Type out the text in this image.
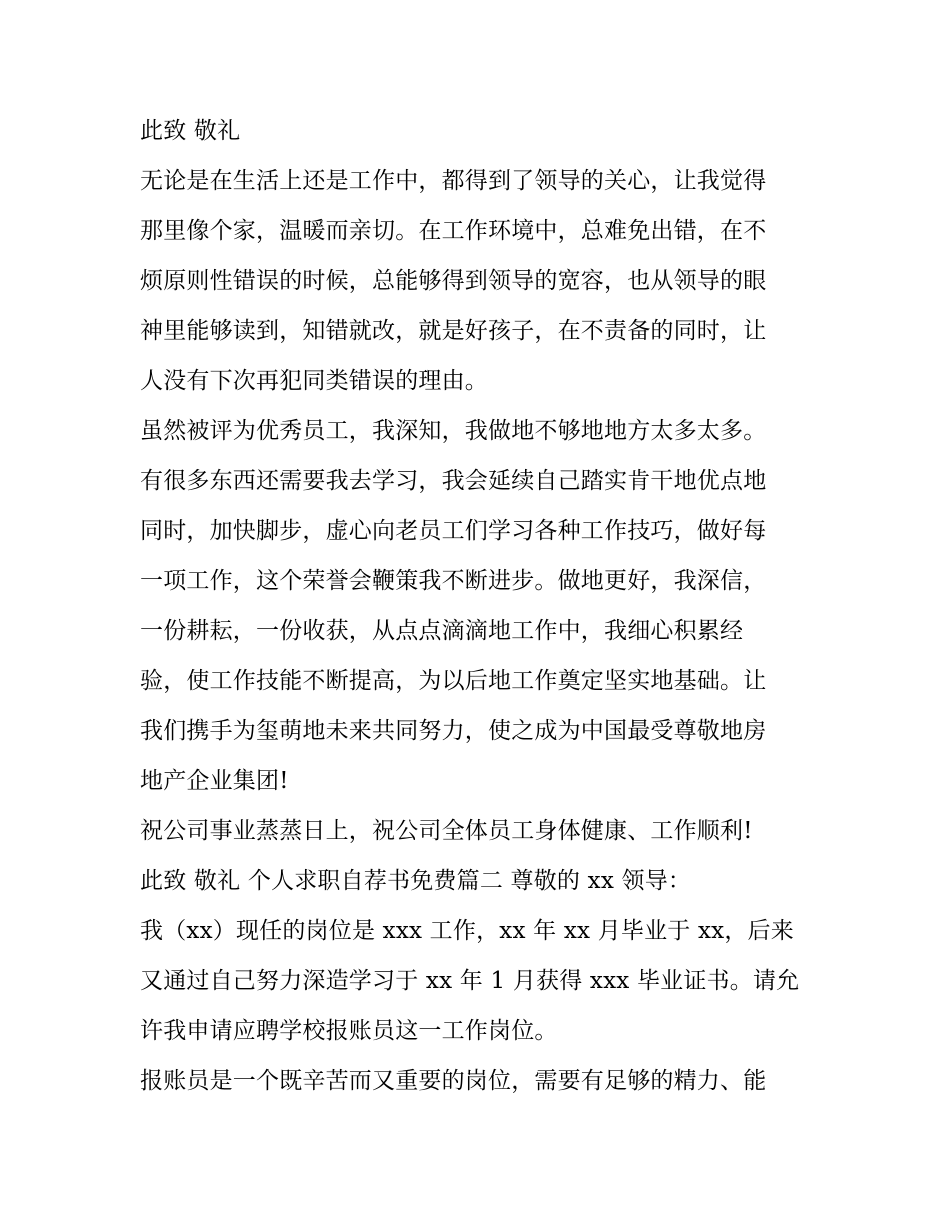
此致 敬礼
无论是在生活上还是工作中，都得到了领导的关心，让我觉得
那里像个家，温暖而亲切。在工作环境中，总难免出错，在不
烦原则性错误的时候，总能够得到领导的宽容，也从领导的眼
神里能够读到，知错就改，就是好孩子，在不责备的同时，让
人没有下次再犯同类错误的理由。
虽然被评为优秀员工，我深知，我做地不够地地方太多太多。
有很多东西还需要我去学习，我会延续自己踏实肯干地优点地
同时，加快脚步，虚心向老员工们学习各种工作技巧，做好每
一项工作，这个荣誉会鞭策我不断进步。做地更好，我深信，
一份耕耘，一份收获，从点点滴滴地工作中，我细心积累经
验，使工作技能不断提高，为以后地工作奠定坚实地基础。让
我们携手为玺萌地未来共同努力，使之成为中国最受尊敬地房
地产企业集团!
祝公司事业蒸蒸日上，祝公司全体员工身体健康、工作顺利!
此致 敬礼 个人求职自荐书免费篇二 尊敬的 xx 领导：
我（xx）现任的岗位是 xxx 工作，xx 年 xx 月毕业于 xx，后来
又通过自己努力深造学习于 xx 年 1 月获得 xxx 毕业证书。请允
许我申请应聘学校报账员这一工作岗位。
报账员是一个既辛苦而又重要的岗位，需要有足够的精力、能
